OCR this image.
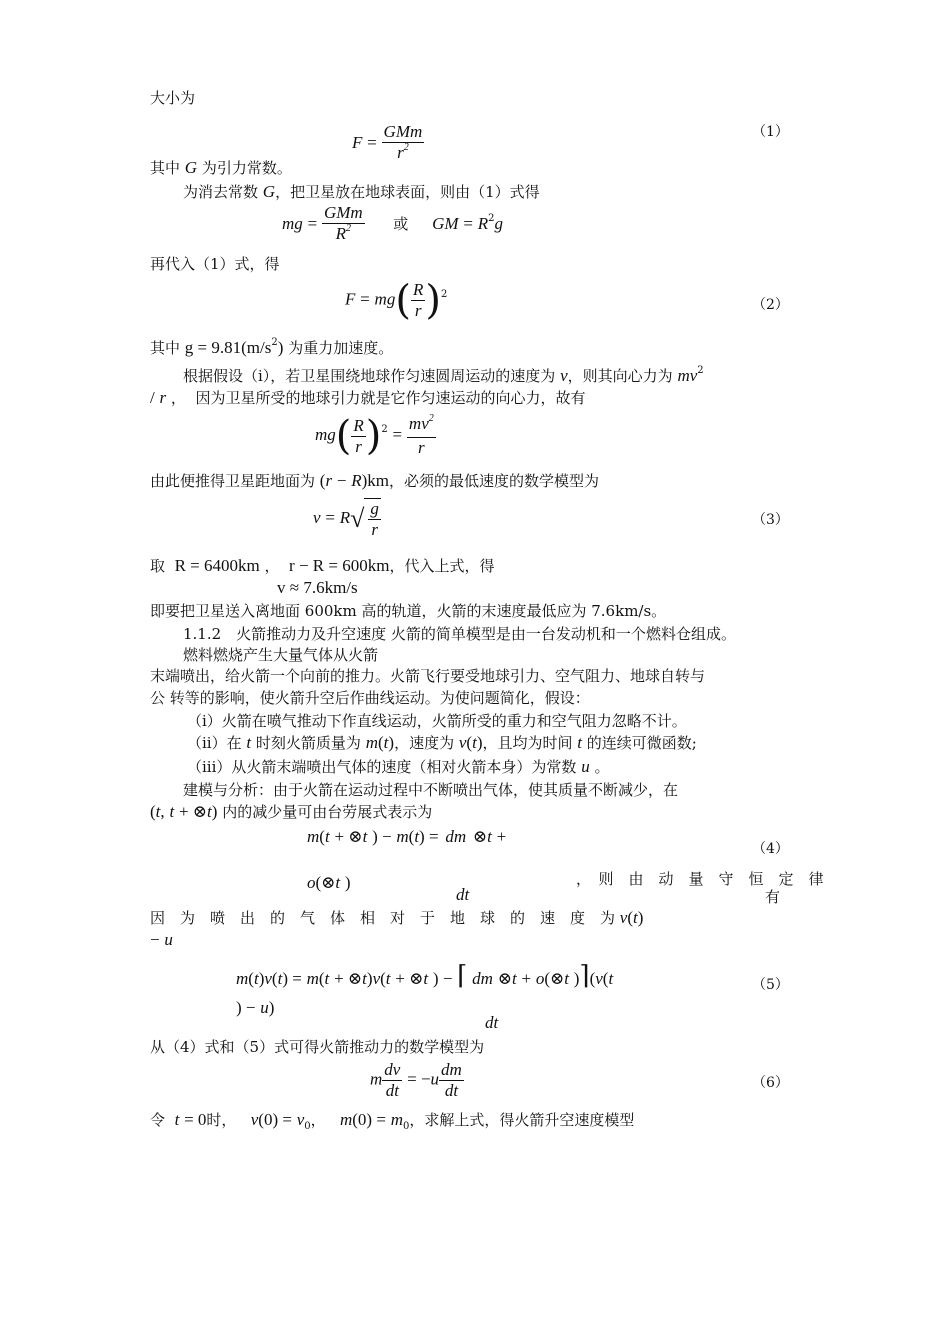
大小为
$F = \frac{\text{GMm}}{r^2}$	（1）
其中 G 为引力常数。
为消去常数 G，把卫星放在地球表面，则由（1）式得
mg = $\frac{\text{GMm}}{R^2}$ 或 GM = $R^2g$
再代入（1）式，得
$F = mg( \frac{R}{r} )^2$
（2）
其中 $g = 9.81(m/s^2)$ 为重力加速度。
根据假设（i），若卫星围绕地球作匀速圆周运动的速度为 v，则其向心力为 $mv^2$
/ r ，  因为卫星所受的地球引力就是它作匀速运动的向心力，故有
$mg( \frac{R}{r} )^2 = \frac{mv^2}{r}$
由此便推得卫星距地面为 (r − R)km，必须的最低速度的数学模型为
$v = R√ \frac{g}{r}$	（3）
取 R = 6400km ，  r − R = 600km，代入上式，得
v ≈ 7.6km/s
即要把卫星送入离地面 600km 高的轨道，火箭的末速度最低应为 7.6km/s。
1.1.2　火箭推动力及升空速度 火箭的简单模型是由一台发动机和一个燃料仓组成。
燃料燃烧产生大量气体从火箭
末端喷出，给火箭一个向前的推力。火箭飞行要受地球引力、空气阻力、地球自转与
公 转等的影响，使火箭升空后作曲线运动。为使问题简化，假设：
（i）火箭在喷气推动下作直线运动，火箭所受的重力和空气阻力忽略不计。
（ii）在 t 时刻火箭质量为 m(t)，速度为 v(t)，且均为时间 t 的连续可微函数;
（iii）从火箭末端喷出气体的速度（相对火箭本身）为常数 u 。
建模与分析：由于火箭在运动过程中不断喷出气体，使其质量不断减少，在
(t, t + ⊗t) 内的减少量可由台劳展式表示为
m(t + ⊗t ) − m(t) = dm ⊗t +
o(⊗t )
dt
（4）
，　则　由　动　量　守　恒　定　律
有
因　为　喷　出　的　气　体　相　对　于　地　球　的　速　度　为 v(t)
− u
m(t)v(t) = m(t + ⊗t)v(t + ⊗t ) − ⌈ dm ⊗t + o(⊗t )⌉(v(t
) − u)
dt
（5）
从（4）式和（5）式可得火箭推动力的数学模型为
m $\frac{dv}{dt} = -u \frac{dm}{dt}$	（6）
令 t = 0时， $v(0) = v_0$，   $m(0) = m_0$，求解上式，得火箭升空速度模型
